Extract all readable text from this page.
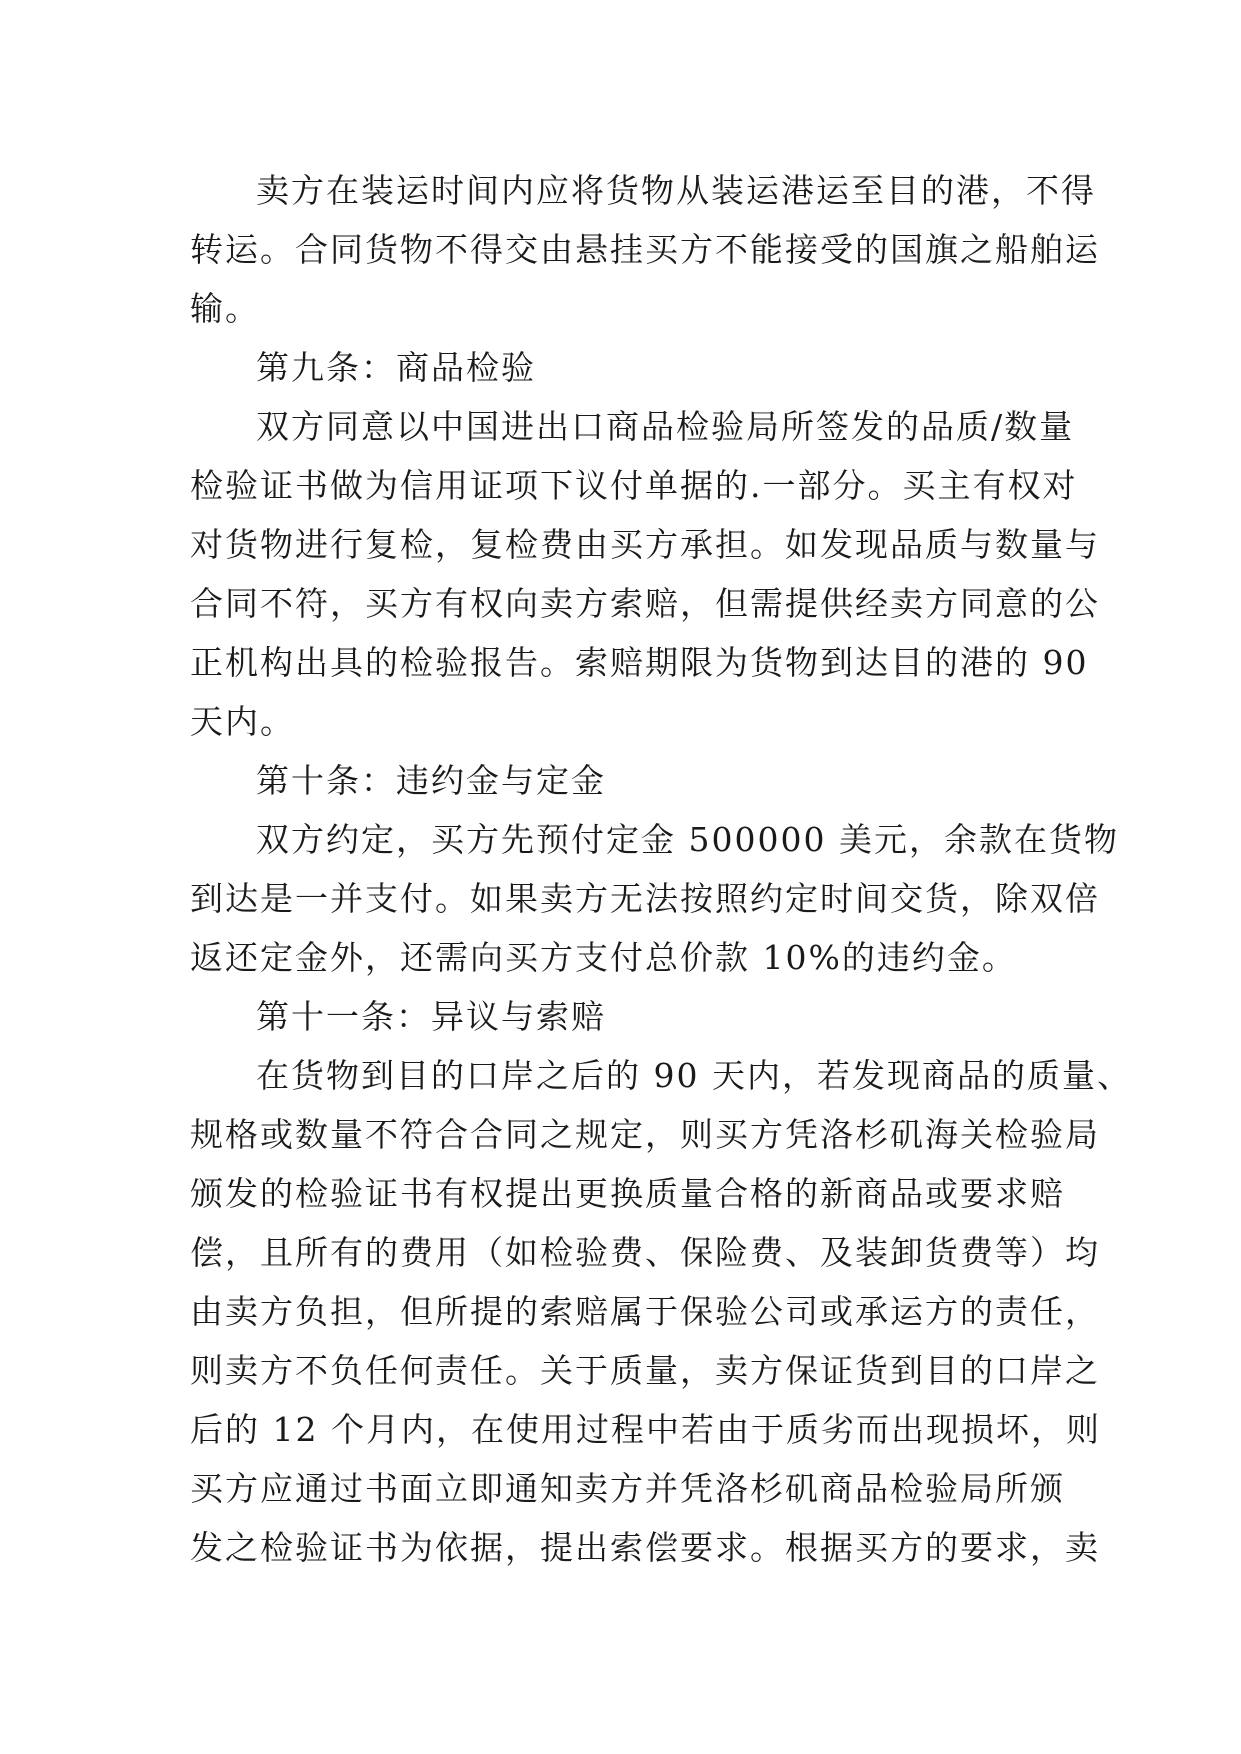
卖方在装运时间内应将货物从装运港运至目的港，不得
转运。合同货物不得交由悬挂买方不能接受的国旗之船舶运
输。
第九条：商品检验
双方同意以中国进出口商品检验局所签发的品质/数量
检验证书做为信用证项下议付单据的.一部分。买主有权对
对货物进行复检，复检费由买方承担。如发现品质与数量与
合同不符，买方有权向卖方索赔，但需提供经卖方同意的公
正机构出具的检验报告。索赔期限为货物到达目的港的 90
天内。
第十条：违约金与定金
双方约定，买方先预付定金 500000 美元，余款在货物
到达是一并支付。如果卖方无法按照约定时间交货，除双倍
返还定金外，还需向买方支付总价款 10%的违约金。
第十一条：异议与索赔
在货物到目的口岸之后的 90 天内，若发现商品的质量、
规格或数量不符合合同之规定，则买方凭洛杉矶海关检验局
颁发的检验证书有权提出更换质量合格的新商品或要求赔
偿，且所有的费用（如检验费、保险费、及装卸货费等）均
由卖方负担，但所提的索赔属于保验公司或承运方的责任，
则卖方不负任何责任。关于质量，卖方保证货到目的口岸之
后的 12 个月内，在使用过程中若由于质劣而出现损坏，则
买方应通过书面立即通知卖方并凭洛杉矶商品检验局所颁
发之检验证书为依据，提出索偿要求。根据买方的要求，卖
